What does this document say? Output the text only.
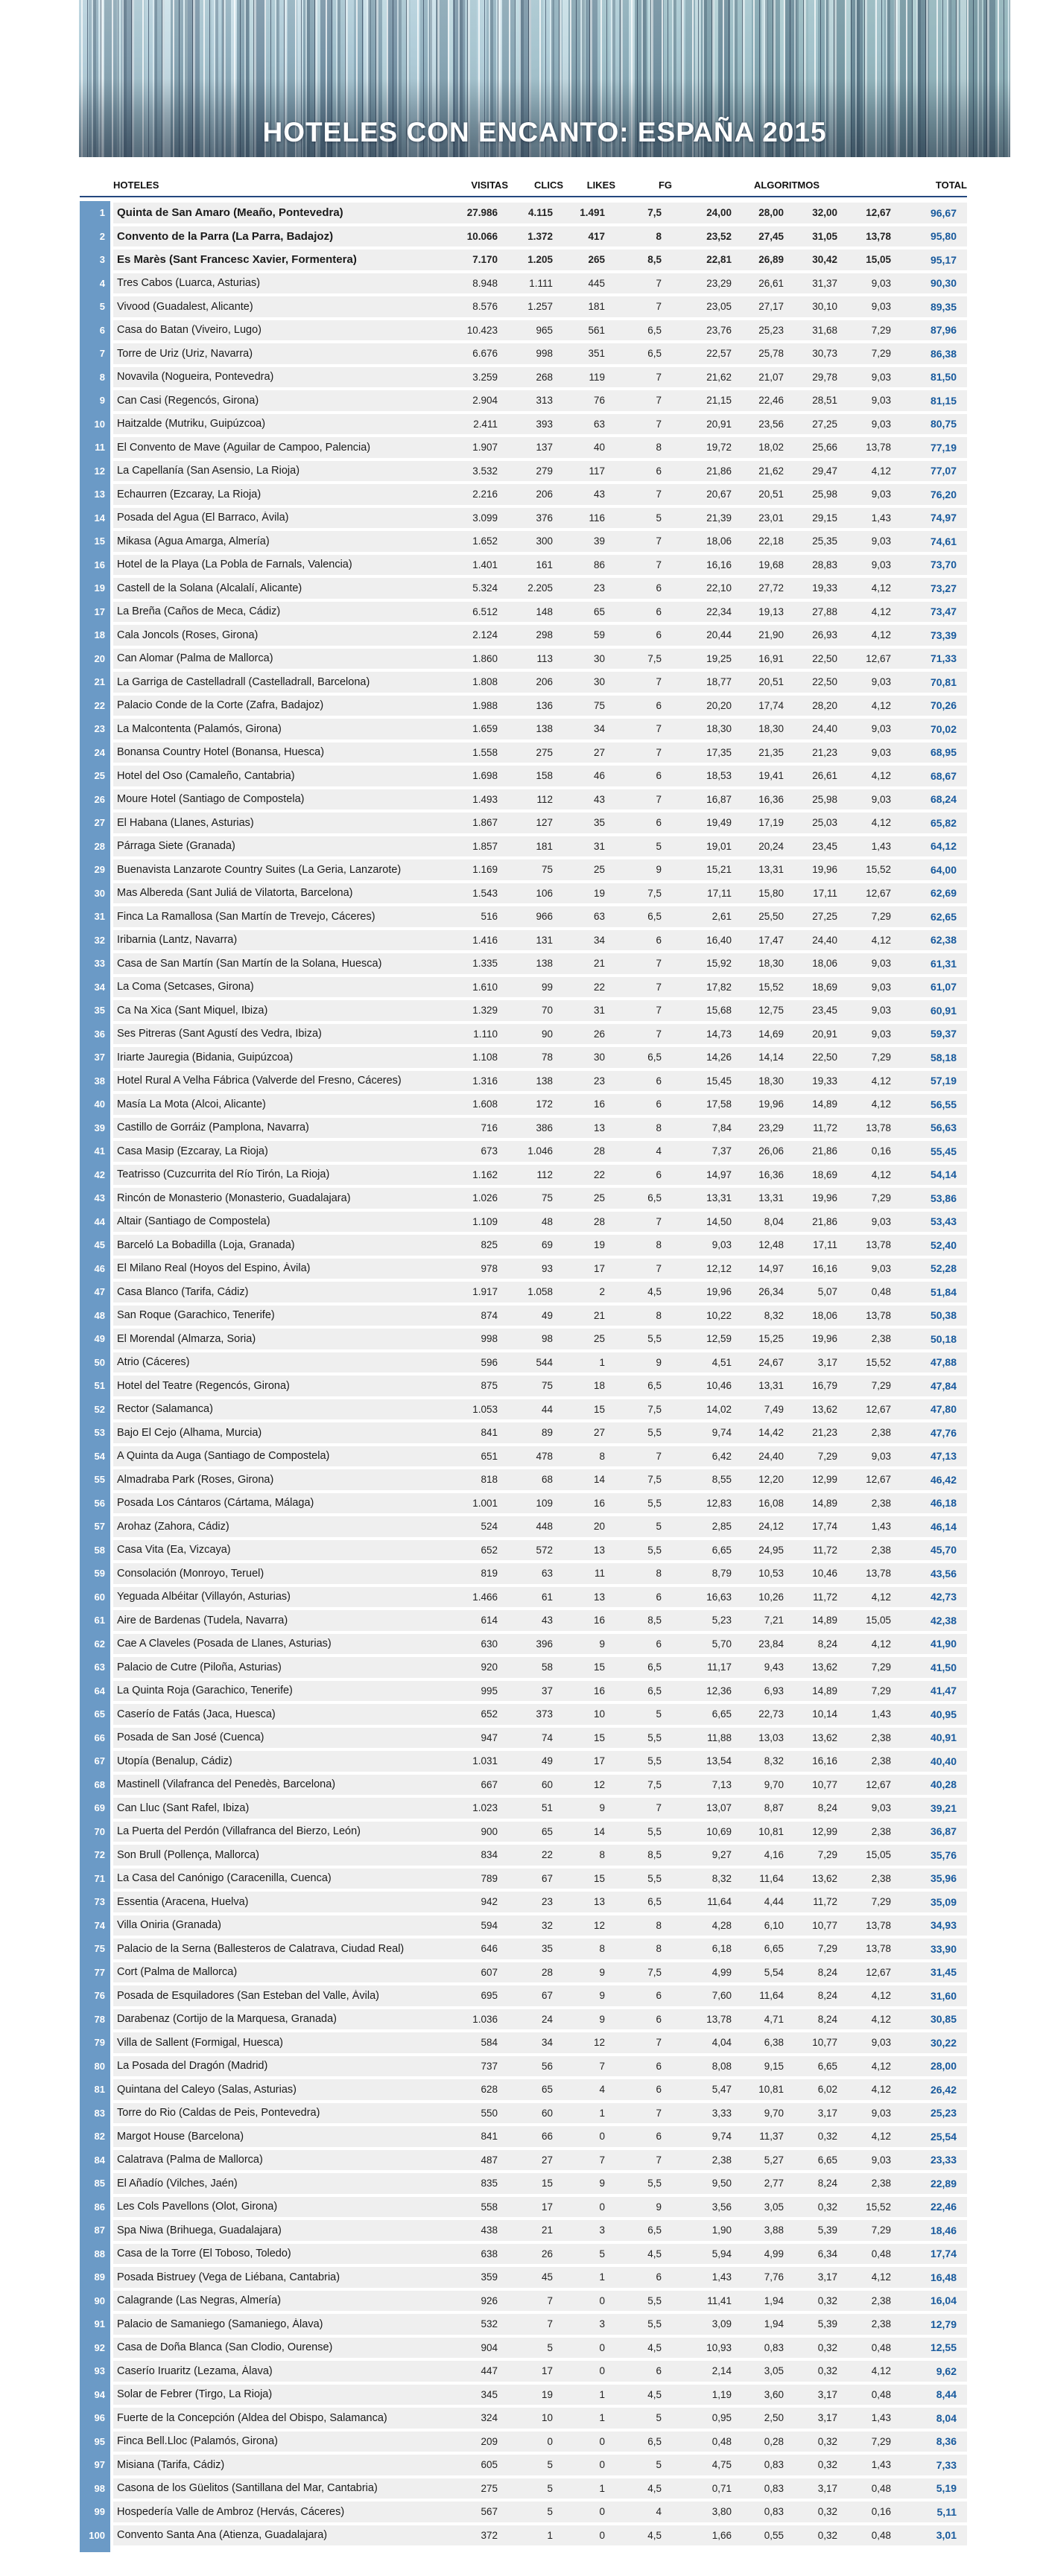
HOTELES CON ENCANTO: ESPAÑA 2015
HOTELES	VISITAS	CLICS	LIKES	FG	ALGORITMOS	TOTAL
1	Quinta de San Amaro (Meaño, Pontevedra)	27.986	4.115	1.491	7,5	24,00	28,00	32,00	12,67	96,67
2	Convento de la Parra (La Parra, Badajoz)	10.066	1.372	417	8	23,52	27,45	31,05	13,78	95,80
3	Es Marès (Sant Francesc Xavier, Formentera)	7.170	1.205	265	8,5	22,81	26,89	30,42	15,05	95,17
4	Tres Cabos (Luarca, Asturias)	8.948	1.111	445	7	23,29	26,61	31,37	9,03	90,30
5	Vivood (Guadalest, Alicante)	8.576	1.257	181	7	23,05	27,17	30,10	9,03	89,35
6	Casa do Batan (Viveiro, Lugo)	10.423	965	561	6,5	23,76	25,23	31,68	7,29	87,96
7	Torre de Uriz (Uriz, Navarra)	6.676	998	351	6,5	22,57	25,78	30,73	7,29	86,38
8	Novavila (Nogueira, Pontevedra)	3.259	268	119	7	21,62	21,07	29,78	9,03	81,50
9	Can Casi (Regencós, Girona)	2.904	313	76	7	21,15	22,46	28,51	9,03	81,15
10	Haitzalde (Mutriku, Guipúzcoa)	2.411	393	63	7	20,91	23,56	27,25	9,03	80,75
11	El Convento de Mave (Aguilar de Campoo, Palencia)	1.907	137	40	8	19,72	18,02	25,66	13,78	77,19
12	La Capellanía (San Asensio, La Rioja)	3.532	279	117	6	21,86	21,62	29,47	4,12	77,07
13	Echaurren (Ezcaray, La Rioja)	2.216	206	43	7	20,67	20,51	25,98	9,03	76,20
14	Posada del Agua (El Barraco, Ávila)	3.099	376	116	5	21,39	23,01	29,15	1,43	74,97
15	Mikasa (Agua Amarga, Almería)	1.652	300	39	7	18,06	22,18	25,35	9,03	74,61
16	Hotel de la Playa (La Pobla de Farnals, Valencia)	1.401	161	86	7	16,16	19,68	28,83	9,03	73,70
19	Castell de la Solana (Alcalalí, Alicante)	5.324	2.205	23	6	22,10	27,72	19,33	4,12	73,27
17	La Breña (Caños de Meca, Cádiz)	6.512	148	65	6	22,34	19,13	27,88	4,12	73,47
18	Cala Joncols (Roses, Girona)	2.124	298	59	6	20,44	21,90	26,93	4,12	73,39
20	Can Alomar (Palma de Mallorca)	1.860	113	30	7,5	19,25	16,91	22,50	12,67	71,33
21	La Garriga de Castelladrall (Castelladrall, Barcelona)	1.808	206	30	7	18,77	20,51	22,50	9,03	70,81
22	Palacio Conde de la Corte (Zafra, Badajoz)	1.988	136	75	6	20,20	17,74	28,20	4,12	70,26
23	La Malcontenta (Palamós, Girona)	1.659	138	34	7	18,30	18,30	24,40	9,03	70,02
24	Bonansa Country Hotel (Bonansa, Huesca)	1.558	275	27	7	17,35	21,35	21,23	9,03	68,95
25	Hotel del Oso (Camaleño, Cantabria)	1.698	158	46	6	18,53	19,41	26,61	4,12	68,67
26	Moure Hotel (Santiago de Compostela)	1.493	112	43	7	16,87	16,36	25,98	9,03	68,24
27	El Habana (Llanes, Asturias)	1.867	127	35	6	19,49	17,19	25,03	4,12	65,82
28	Párraga Siete (Granada)	1.857	181	31	5	19,01	20,24	23,45	1,43	64,12
29	Buenavista Lanzarote Country Suites (La Geria, Lanzarote)	1.169	75	25	9	15,21	13,31	19,96	15,52	64,00
30	Mas Albereda (Sant Juliá de Vilatorta, Barcelona)	1.543	106	19	7,5	17,11	15,80	17,11	12,67	62,69
31	Finca La Ramallosa (San Martín de Trevejo, Cáceres)	516	966	63	6,5	2,61	25,50	27,25	7,29	62,65
32	Iribarnia (Lantz, Navarra)	1.416	131	34	6	16,40	17,47	24,40	4,12	62,38
33	Casa de San Martín (San Martín de la Solana, Huesca)	1.335	138	21	7	15,92	18,30	18,06	9,03	61,31
34	La Coma (Setcases, Girona)	1.610	99	22	7	17,82	15,52	18,69	9,03	61,07
35	Ca Na Xica (Sant Miquel, Ibiza)	1.329	70	31	7	15,68	12,75	23,45	9,03	60,91
36	Ses Pitreras (Sant Agustí des Vedra, Ibiza)	1.110	90	26	7	14,73	14,69	20,91	9,03	59,37
37	Iriarte Jauregia (Bidania, Guipúzcoa)	1.108	78	30	6,5	14,26	14,14	22,50	7,29	58,18
38	Hotel Rural A Velha Fábrica (Valverde del Fresno, Cáceres)	1.316	138	23	6	15,45	18,30	19,33	4,12	57,19
40	Masía La Mota (Alcoi, Alicante)	1.608	172	16	6	17,58	19,96	14,89	4,12	56,55
39	Castillo de Gorráiz (Pamplona, Navarra)	716	386	13	8	7,84	23,29	11,72	13,78	56,63
41	Casa Masip (Ezcaray, La Rioja)	673	1.046	28	4	7,37	26,06	21,86	0,16	55,45
42	Teatrisso (Cuzcurrita del Río Tirón, La Rioja)	1.162	112	22	6	14,97	16,36	18,69	4,12	54,14
43	Rincón de Monasterio (Monasterio, Guadalajara)	1.026	75	25	6,5	13,31	13,31	19,96	7,29	53,86
44	Altair (Santiago de Compostela)	1.109	48	28	7	14,50	8,04	21,86	9,03	53,43
45	Barceló La Bobadilla (Loja, Granada)	825	69	19	8	9,03	12,48	17,11	13,78	52,40
46	El Milano Real (Hoyos del Espino, Ávila)	978	93	17	7	12,12	14,97	16,16	9,03	52,28
47	Casa Blanco (Tarifa, Cádiz)	1.917	1.058	2	4,5	19,96	26,34	5,07	0,48	51,84
48	San Roque (Garachico, Tenerife)	874	49	21	8	10,22	8,32	18,06	13,78	50,38
49	El Morendal (Almarza, Soria)	998	98	25	5,5	12,59	15,25	19,96	2,38	50,18
50	Atrio (Cáceres)	596	544	1	9	4,51	24,67	3,17	15,52	47,88
51	Hotel del Teatre (Regencós, Girona)	875	75	18	6,5	10,46	13,31	16,79	7,29	47,84
52	Rector (Salamanca)	1.053	44	15	7,5	14,02	7,49	13,62	12,67	47,80
53	Bajo El Cejo (Alhama, Murcia)	841	89	27	5,5	9,74	14,42	21,23	2,38	47,76
54	A Quinta da Auga (Santiago de Compostela)	651	478	8	7	6,42	24,40	7,29	9,03	47,13
55	Almadraba Park (Roses, Girona)	818	68	14	7,5	8,55	12,20	12,99	12,67	46,42
56	Posada Los Cántaros (Cártama, Málaga)	1.001	109	16	5,5	12,83	16,08	14,89	2,38	46,18
57	Arohaz (Zahora, Cádiz)	524	448	20	5	2,85	24,12	17,74	1,43	46,14
58	Casa Vita (Ea, Vizcaya)	652	572	13	5,5	6,65	24,95	11,72	2,38	45,70
59	Consolación (Monroyo, Teruel)	819	63	11	8	8,79	10,53	10,46	13,78	43,56
60	Yeguada Albéitar (Villayón, Asturias)	1.466	61	13	6	16,63	10,26	11,72	4,12	42,73
61	Aire de Bardenas (Tudela, Navarra)	614	43	16	8,5	5,23	7,21	14,89	15,05	42,38
62	Cae A Claveles (Posada de Llanes, Asturias)	630	396	9	6	5,70	23,84	8,24	4,12	41,90
63	Palacio de Cutre (Piloña, Asturias)	920	58	15	6,5	11,17	9,43	13,62	7,29	41,50
64	La Quinta Roja (Garachico, Tenerife)	995	37	16	6,5	12,36	6,93	14,89	7,29	41,47
65	Caserío de Fatás (Jaca, Huesca)	652	373	10	5	6,65	22,73	10,14	1,43	40,95
66	Posada de San José (Cuenca)	947	74	15	5,5	11,88	13,03	13,62	2,38	40,91
67	Utopía (Benalup, Cádiz)	1.031	49	17	5,5	13,54	8,32	16,16	2,38	40,40
68	Mastinell (Vilafranca del Penedès, Barcelona)	667	60	12	7,5	7,13	9,70	10,77	12,67	40,28
69	Can Lluc (Sant Rafel, Ibiza)	1.023	51	9	7	13,07	8,87	8,24	9,03	39,21
70	La Puerta del Perdón (Villafranca del Bierzo, León)	900	65	14	5,5	10,69	10,81	12,99	2,38	36,87
72	Son Brull (Pollença, Mallorca)	834	22	8	8,5	9,27	4,16	7,29	15,05	35,76
71	La Casa del Canónigo (Caracenilla, Cuenca)	789	67	15	5,5	8,32	11,64	13,62	2,38	35,96
73	Essentia (Aracena, Huelva)	942	23	13	6,5	11,64	4,44	11,72	7,29	35,09
74	Villa Oniria (Granada)	594	32	12	8	4,28	6,10	10,77	13,78	34,93
75	Palacio de la Serna (Ballesteros de Calatrava, Ciudad Real)	646	35	8	8	6,18	6,65	7,29	13,78	33,90
77	Cort (Palma de Mallorca)	607	28	9	7,5	4,99	5,54	8,24	12,67	31,45
76	Posada de Esquiladores (San Esteban del Valle, Ávila)	695	67	9	6	7,60	11,64	8,24	4,12	31,60
78	Darabenaz (Cortijo de la Marquesa, Granada)	1.036	24	9	6	13,78	4,71	8,24	4,12	30,85
79	Villa de Sallent (Formigal, Huesca)	584	34	12	7	4,04	6,38	10,77	9,03	30,22
80	La Posada del Dragón (Madrid)	737	56	7	6	8,08	9,15	6,65	4,12	28,00
81	Quintana del Caleyo (Salas, Asturias)	628	65	4	6	5,47	10,81	6,02	4,12	26,42
83	Torre do Rio (Caldas de Peis, Pontevedra)	550	60	1	7	3,33	9,70	3,17	9,03	25,23
82	Margot House (Barcelona)	841	66	0	6	9,74	11,37	0,32	4,12	25,54
84	Calatrava (Palma de Mallorca)	487	27	7	7	2,38	5,27	6,65	9,03	23,33
85	El Añadío (Vilches, Jaén)	835	15	9	5,5	9,50	2,77	8,24	2,38	22,89
86	Les Cols Pavellons (Olot, Girona)	558	17	0	9	3,56	3,05	0,32	15,52	22,46
87	Spa Niwa (Brihuega, Guadalajara)	438	21	3	6,5	1,90	3,88	5,39	7,29	18,46
88	Casa de la Torre (El Toboso, Toledo)	638	26	5	4,5	5,94	4,99	6,34	0,48	17,74
89	Posada Bistruey (Vega de Liébana, Cantabria)	359	45	1	6	1,43	7,76	3,17	4,12	16,48
90	Calagrande (Las Negras, Almería)	926	7	0	5,5	11,41	1,94	0,32	2,38	16,04
91	Palacio de Samaniego (Samaniego, Álava)	532	7	3	5,5	3,09	1,94	5,39	2,38	12,79
92	Casa de Doña Blanca (San Clodio, Ourense)	904	5	0	4,5	10,93	0,83	0,32	0,48	12,55
93	Caserío Iruaritz (Lezama, Álava)	447	17	0	6	2,14	3,05	0,32	4,12	9,62
94	Solar de Febrer (Tirgo, La Rioja)	345	19	1	4,5	1,19	3,60	3,17	0,48	8,44
96	Fuerte de la Concepción (Aldea del Obispo, Salamanca)	324	10	1	5	0,95	2,50	3,17	1,43	8,04
95	Finca Bell.Lloc (Palamós, Girona)	209	0	0	6,5	0,48	0,28	0,32	7,29	8,36
97	Misiana (Tarifa, Cádiz)	605	5	0	5	4,75	0,83	0,32	1,43	7,33
98	Casona de los Güelitos (Santillana del Mar, Cantabria)	275	5	1	4,5	0,71	0,83	3,17	0,48	5,19
99	Hospedería Valle de Ambroz (Hervás, Cáceres)	567	5	0	4	3,80	0,83	0,32	0,16	5,11
100	Convento Santa Ana (Atienza, Guadalajara)	372	1	0	4,5	1,66	0,55	0,32	0,48	3,01
